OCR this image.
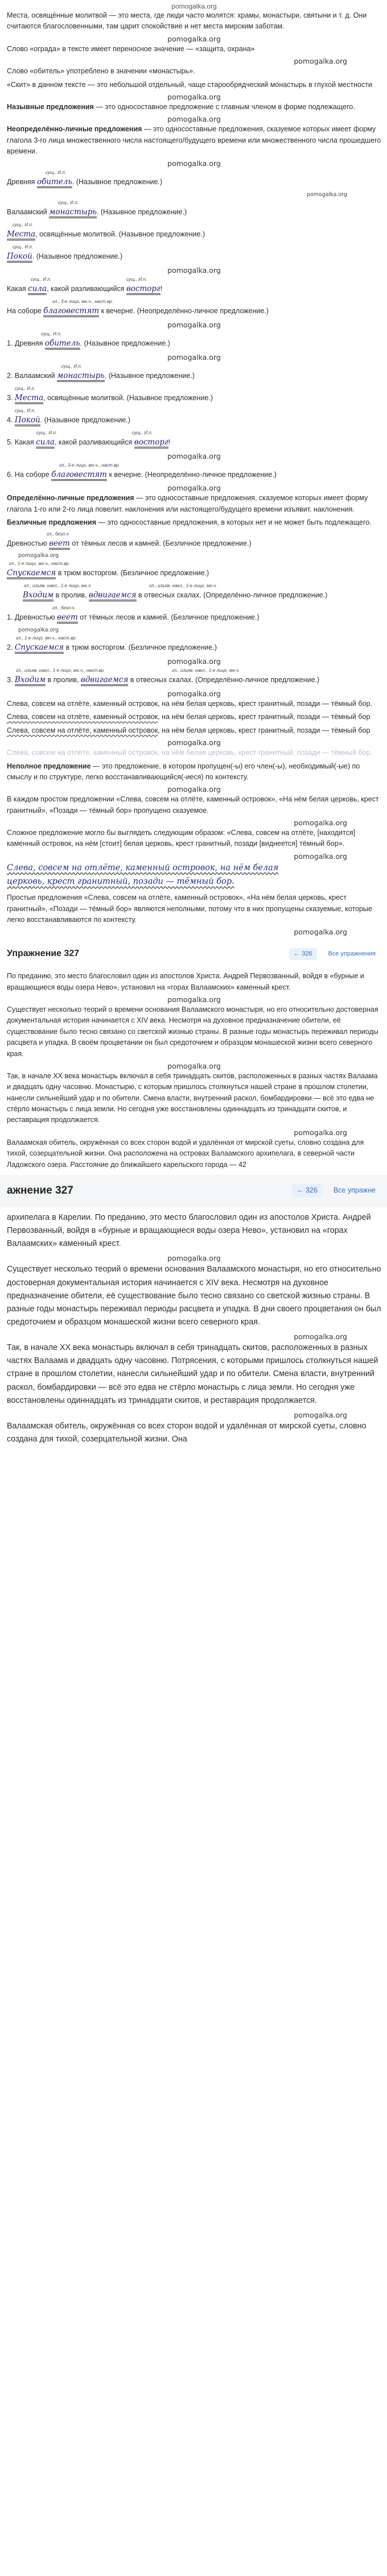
pomogalka.org

Места, освящённые молитвой — это места, где люди часто молятся: храмы, монастыри, святыни и т. д. Они считаются благословенными, там царит спокойствие и нет места мирским заботам.

pomogalka.org

Слово «ограда» в тексте имеет переносное значение — «защита, охрана»

pomogalka.org

Слово «обитель» употреблено в значении «монастырь».

«Скит» в данном тексте — это небольшой отдельный, чаще старообрядческий монастырь в глухой местности

pomogalka.org

Назывные предложения — это односоставное предложение с главным членом в форме подлежащего.

pomogalka.org

Неопределённо-личные предложения — это односоставные предложения, сказуемое которых имеет форму глагола 3-го лица множественного числа настоящего/будущего времени или множественного числа прошедшего времени.

pomogalka.org
сущ., И.п.
Древняя обитель. (Назывное предложение.)
pomogalka.org
сущ., И.п.
Валаамский монастырь. (Назывное предложение.)
сущ., И.п.
Места, освящённые молитвой. (Назывное предложение.)
сущ., И.п.
Покой. (Назывное предложение.)
pomogalka.org
сущ., И.п.	сущ., И.п.
Какая сила, какой разливающийся восторг!
гл., 3-е лицо, мн.ч., наст.вр.
На соборе благовестят к вечерне. (Неопределённо-личное предложение.)
pomogalka.org
сущ., И.п.
1. Древняя обитель. (Назывное предложение.)
pomogalka.org
сущ., И.п.
2. Валаамский монастырь. (Назывное предложение.)
сущ., И.п.
3. Места, освящённые молитвой. (Назывное предложение.)
сущ., И.п.
4. Покой. (Назывное предложение.)
сущ., И.п.	сущ., И.п.
5. Какая сила, какой разливающийся восторг!
pomogalka.org
гл., 3-е лицо, мн.ч., наст.вр.
6. На соборе благовестят к вечерне. (Неопределённо-личное предложение.)
pomogalka.org

Определённо-личные предложения — это односоставные предложения, сказуемое которых имеет форму глагола 1-го или 2-го лица повелит. наклонения или настоящего/будущего времени изъявит. наклонения.

Безличные предложения — это односоставные предложения, в которых нет и не может быть подлежащего.

гл., безл.ч.
Древностью веет от тёмных лесов и камней. (Безличное предложение.)
pomogalka.org
гл., 1-е лицо, мн.ч., наст.вр.
Спускаемся в трюм восторгом. (Безличное предложение.)
гл., изъяв. накл., 1-е лицо, мн.ч.	гл., изъяв. накл., 1-е лицо, мн.ч.
Входим в пролив, вдвигаемся в отвесных скалах. (Определённо-личное предложение.)
гл., безл.ч.
1. Древностью веет от тёмных лесов и камней. (Безличное предложение.)
pomogalka.org
гл., 1-е лицо, мн.ч., наст.вр.
2. Спускаемся в трюм восторгом. (Безличное предложение.)
pomogalka.org
гл., изъяв. накл., 1-е лицо, мн.ч., наст.вр.	гл., изъяв. накл., 1-е лицо, мн.ч.
3. Входим в пролив, вдвигаемся в отвесных скалах. (Определённо-личное предложение.)
pomogalka.org

Слева, совсем на отлёте, каменный островок, на нём белая церковь, крест гранитный, позади — тёмный бор.

Слева, совсем на отлёте, каменный островок, на нём белая церковь, крест гранитный, позади — тёмный бор

Слева, совсем на отлёте, каменный островок, на нём белая церковь, крест гранитный, позади — тёмный бор

pomogalka.org

Слева, совсем на отлёте, каменный островок, на нём белая церковь, крест гранитный, позади — тёмный бор.

Неполное предложение — это предложение, в котором пропущен(-ы) его член(-ы), необходимый(-ые) по смыслу и по структуре, легко восстанавливающийся(-иеся) по контексту.

pomogalka.org

В каждом простом предложении «Слева, совсем на отлёте, каменный островок», «На нём белая церковь, крест гранитный», «Позади — тёмный бор» пропущено сказуемое.

pomogalka.org

Сложное предложение могло бы выглядеть следующим образом: «Слева, совсем на отлёте, [находится] каменный островок, на нём [стоит] белая церковь, крест гранитный, позади [виднеется] тёмный бор».

pomogalka.org
Слева, совсем на отлёте, каменный островок, на нём белая
церковь, крест гранитный, позади — тёмный бор.

Простые предложения «Слева, совсем на отлёте, каменный островок», «На нём белая церковь, крест гранитный», «Позади — тёмный бор» являются неполными, потому что в них пропущены сказуемые, которые легко восстанавливаются по контексту.

pomogalka.org
Упражнение 327	← 326	Все упражнения

По преданию, это место благословил один из апостолов Христа. Андрей Первозванный, войдя в «бурные и вращающиеся воды озера Нево», установил на «горах Валаамских» каменный крест.

pomogalka.org

Существует несколько теорий о времени основания Валаамского монастыря, но его относительно достоверная документальная история начинается с XIV века. Несмотря на духовное предназначение обители, её существование было тесно связано со светской жизнью страны. В разные годы монастырь переживал периоды расцвета и упадка. В своём процветании он был средоточием и образцом монашеской жизни всего северного края.

pomogalka.org

Так, в начале XX века монастырь включал в себя тринадцать скитов, расположенных в разных частях Валаама и двадцать одну часовню. Монастырю, с которым пришлось столкнуться нашей стране в прошлом столетии, нанесли сильнейший удар и по обители. Смена власти, внутренний раскол, бомбардировки — всё это едва не стёрло монастырь с лица земли. Но сегодня уже восстановлены одиннадцать из тринадцати скитов, и реставрация продолжается.

pomogalka.org

Валаамская обитель, окружённая со всех сторон водой и удалённая от мирской суеты, словно создана для тихой, созерцательной жизни. Она расположена на островах Валаамского архипелага, в северной части Ладожского озера. Расстояние до ближайшего карельского города — 42

ажнение 327	← 326	Все упражне

архипелага в Карелии. По преданию, это место благословил один из апостолов Христа. Андрей Первозванный, войдя в «бурные и вращающиеся воды озера Нево», установил на «горах Валаамских» каменный крест.

pomogalka.org

Существует несколько теорий о времени основания Валаамского монастыря, но его относительно достоверная документальная история начинается с XIV века. Несмотря на духовное предназначение обители, её существование было тесно связано со светской жизнью страны. В разные годы монастырь переживал периоды расцвета и упадка. В дни своего процветания он был средоточием и образцом монашеской жизни всего северного края.

pomogalka.org

Так, в начале XX века монастырь включал в себя тринадцать скитов, расположенных в разных частях Валаама и двадцать одну часовню. Потрясения, с которыми пришлось столкнуться нашей стране в прошлом столетии, нанесли сильнейший удар и по обители. Смена власти, внутренний раскол, бомбардировки — всё это едва не стёрло монастырь с лица земли. Но сегодня уже восстановлены одиннадцать из тринадцати скитов, и реставрация продолжается.

pomogalka.org

Валаамская обитель, окружённая со всех сторон водой и удалённая от мирской суеты, словно создана для тихой, созерцательной жизни. Она
